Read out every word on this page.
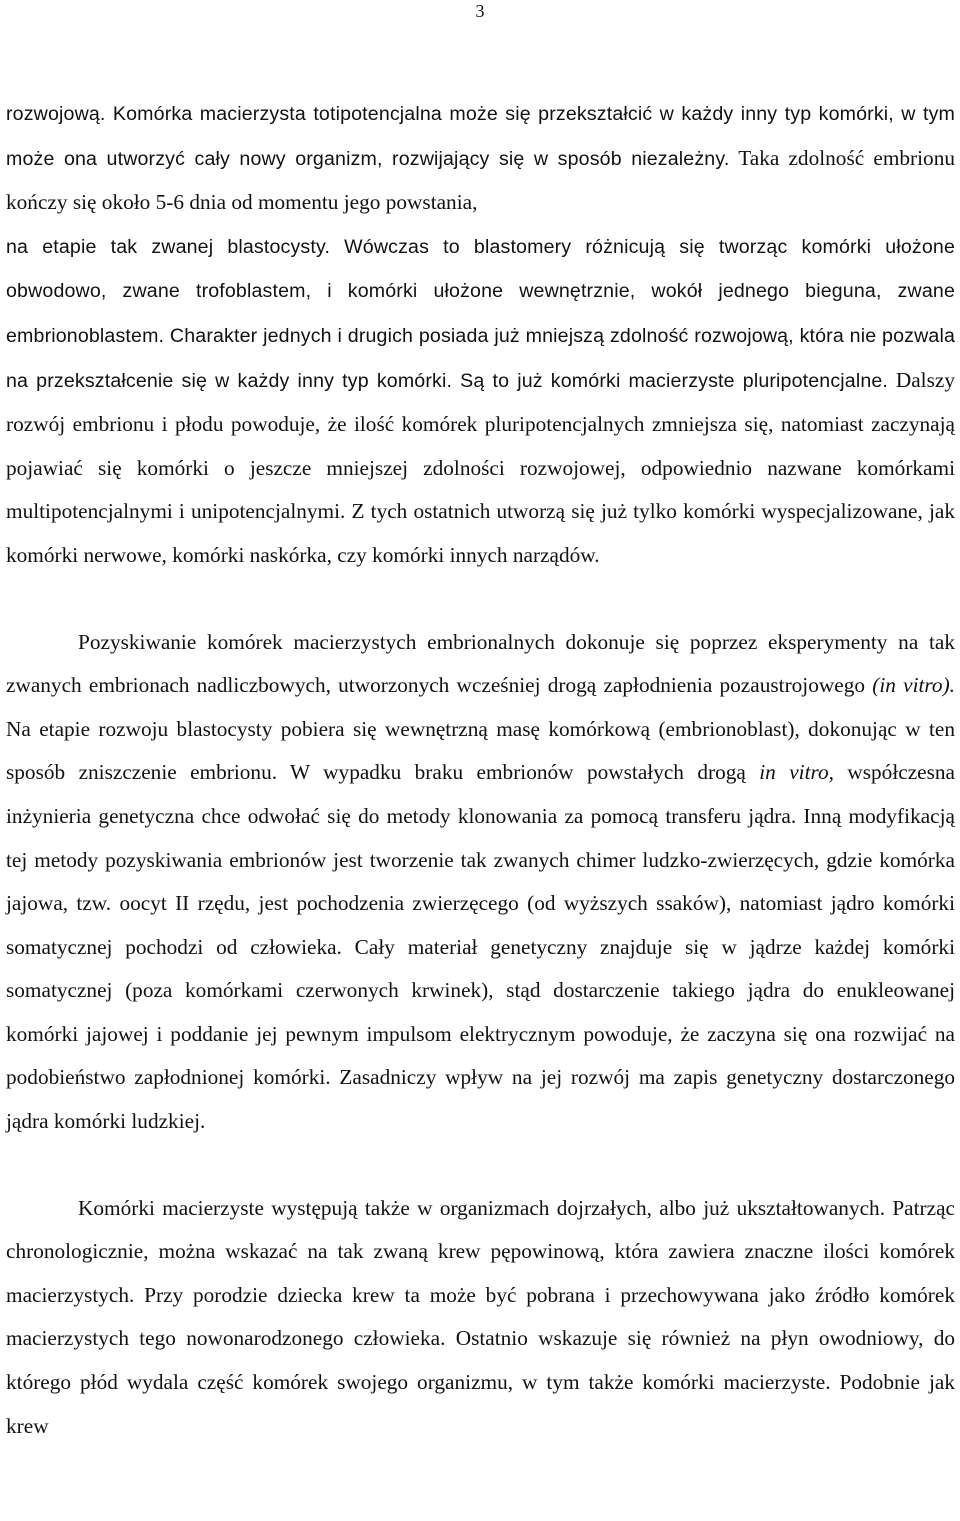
3

rozwojową. Komórka macierzysta totipotencjalna może się przekształcić w każdy inny typ komórki, w tym może ona utworzyć cały nowy organizm, rozwijający się w sposób niezależny. Taka zdolność embrionu kończy się około 5-6 dnia od momentu jego powstania,
na etapie tak zwanej blastocysty. Wówczas to blastomery różnicują się tworząc komórki ułożone obwodowo, zwane trofoblastem, i komórki ułożone wewnętrznie, wokół jednego bieguna, zwane embrionoblastem. Charakter jednych i drugich posiada już mniejszą zdolność rozwojową, która nie pozwala na przekształcenie się w każdy inny typ komórki. Są to już komórki macierzyste pluripotencjalne. Dalszy rozwój embrionu i płodu powoduje, że ilość komórek pluripotencjalnych zmniejsza się, natomiast zaczynają pojawiać się komórki o jeszcze mniejszej zdolności rozwojowej, odpowiednio nazwane komórkami multipotencjalnymi i unipotencjalnymi. Z tych ostatnich utworzą się już tylko komórki wyspecjalizowane, jak komórki nerwowe, komórki naskórka, czy komórki innych narządów.

Pozyskiwanie komórek macierzystych embrionalnych dokonuje się poprzez eksperymenty na tak zwanych embrionach nadliczbowych, utworzonych wcześniej drogą zapłodnienia pozaustrojowego (in vitro). Na etapie rozwoju blastocysty pobiera się wewnętrzną masę komórkową (embrionoblast), dokonując w ten sposób zniszczenie embrionu. W wypadku braku embrionów powstałych drogą in vitro, współczesna inżynieria genetyczna chce odwołać się do metody klonowania za pomocą transferu jądra. Inną modyfikacją tej metody pozyskiwania embrionów jest tworzenie tak zwanych chimer ludzko-zwierzęcych, gdzie komórka jajowa, tzw. oocyt II rzędu, jest pochodzenia zwierzęcego (od wyższych ssaków), natomiast jądro komórki somatycznej pochodzi od człowieka. Cały materiał genetyczny znajduje się w jądrze każdej komórki somatycznej (poza komórkami czerwonych krwinek), stąd dostarczenie takiego jądra do enukleowanej komórki jajowej i poddanie jej pewnym impulsom elektrycznym powoduje, że zaczyna się ona rozwijać na podobieństwo zapłodnionej komórki. Zasadniczy wpływ na jej rozwój ma zapis genetyczny dostarczonego jądra komórki ludzkiej.

Komórki macierzyste występują także w organizmach dojrzałych, albo już ukształtowanych. Patrząc chronologicznie, można wskazać na tak zwaną krew pępowinową, która zawiera znaczne ilości komórek macierzystych. Przy porodzie dziecka krew ta może być pobrana i przechowywana jako źródło komórek macierzystych tego nowonarodzonego człowieka. Ostatnio wskazuje się również na płyn owodniowy, do którego płód wydala część komórek swojego organizmu, w tym także komórki macierzyste. Podobnie jak krew
